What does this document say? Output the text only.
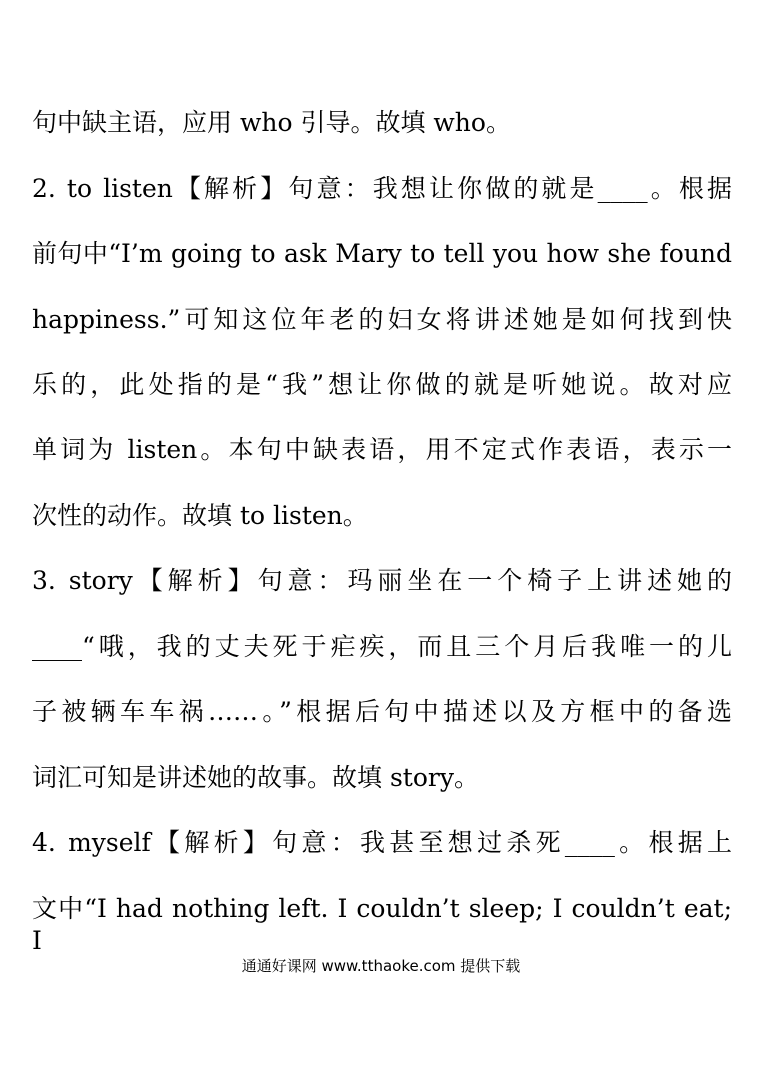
句中缺主语，应用 who 引导。故填 who。
2. to listen【解析】句意：我想让你做的就是____。根据
前句中“I’m going to ask Mary to tell you how she found
happiness.”可知这位年老的妇女将讲述她是如何找到快
乐的，此处指的是“我”想让你做的就是听她说。故对应
单词为 listen。本句中缺表语，用不定式作表语，表示一
次性的动作。故填 to listen。
3. story【解析】句意：玛丽坐在一个椅子上讲述她的
____“哦，我的丈夫死于疟疾，而且三个月后我唯一的儿
子被辆车车祸……。”根据后句中描述以及方框中的备选
词汇可知是讲述她的故事。故填 story。
4. myself【解析】句意：我甚至想过杀死____。根据上
文中“I had nothing left. I couldn’t sleep; I couldn’t eat; I
通通好课网 www.tthaoke.com 提供下载
